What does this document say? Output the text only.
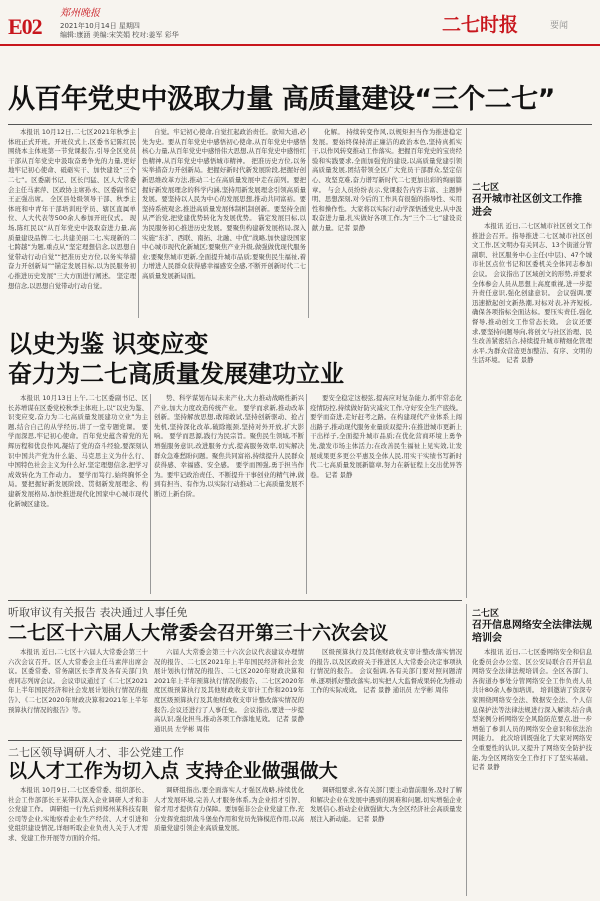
E02
郑州晚报
2021年10月14日 星期四
编辑:康涵 美编:宋笑娟 校对:姜军 彩华	二七时报	要闻
从百年党史中汲取力量 高质量建设“三个二七”

本报讯 10月12日,二七区2021年秋季主体班正式开班。开班仪式上,区委书记陈红民围绕本主体班第一节党课报告,引导全区党员干部从百年党史中汲取奋勇争先的力量,更好地牢记初心使命、砥砺实干、加快建设“三个二七”。区委副书记、区长闫猛、区人大常委会主任马素萍、区政协主席孙永、区委副书记王正强出席。 全区县处级领导干部、秋季主体班和中青年干部培训班学员、辖区直属单位、人大代表等500余人参加开班仪式。 现场,陈红民以“从百年党史中汲取奋进力量,高质量建设品牌二七,共建美丽二七,实现新的二七跨越”为题,重点从“坚定理想信念,以思想自觉带动行动自觉”“把准历史方位,以务实举措奋力开创新局”“锚定发展目标,以为民服务初心推进历史发展”三大方面进行阐述。 坚定理想信念,以思想自觉带动行动自觉。

自觉。牢记初心使命,自觉扛起政治责任。欲知大道,必先为史。要从百年党史中感悟初心使命,从百年党史中感悟核心力量,从百年党史中感悟伟大思想,从百年党史中感悟红色精神,从百年党史中感悟城市精神。 把准历史方位,以务实举措奋力开创新局。把握好新时代新发展阶段,把握好创新思维改革方法,推动二七在高质量发展中走在前列。要把握好新发展理念的科学内涵,坚持用新发展理念引领高质量发展。要坚持以人民为中心的发展思想,推动共同富裕。要坚持系统观念,推进高质量发展体制机制创新。要坚持全面从严治党,把党建优势转化为发展优势。 锚定发展目标,以为民服务初心推进历史发展。要聚焦构建新发展格局,深入实施“东扩、西联、南拓、北融、中优”战略,加快建设国家中心城市现代化新城区;要聚焦产业升级,做强做优现代服务业;要聚焦城市更新,全面提升城市品质;要聚焦民生福祉,着力增进人民群众获得感幸福感安全感,不断开创新时代二七高质量发展新局面。

化解。 持续转变作风,以规矩担当作为推进稳定发展。要始终保持清正廉洁的政治本色,坚持真抓实干,以作风转变推动工作落实。把握百年党史的宝贵经验和实践要求,全面加强党的建设,以高质量党建引领高质量发展,团结带领全区广大党员干部群众,坚定信心、攻坚克难,奋力谱写新时代二七更加出彩的绚丽篇章。 与会人员纷纷表示,党课报告内容丰富、主题鲜明、思想深刻,对今后的工作具有很强的指导性、实用性和操作性。大家将以实际行动学深悟透党史,从中汲取奋进力量,扎实做好各项工作,为“三个二七”建设贡献力量。记者 景静

二七区
召开城市社区创文工作推进会

本报讯 近日,二七区城市社区创文工作推进会召开。指导推进二七区城市社区创文工作,区文明办有关同志、13个街道分管副职、社区服务中心主任(中层)、47个城市社区点位书记和区委机关全体同志参加会议。 会议指出了区域创文的形势,并要求全体参会人员从思想上高度重视,进一步提升责任意识,强化创建意识。 会议强调,要迅速掀起创文新热潮,对标对表,补齐短板,确保各项指标全面达标。要压实责任,强化督导,推动创文工作常态长效。 会议还要求,要坚持问题导向,将创文与社区治理、民生改善紧密结合,持续提升城市精细化管理水平,为群众营造更加整洁、有序、文明的生活环境。 记者 景静

以史为鉴 识变应变
奋力为二七高质量发展建功立业

本报讯 10月13日上午,二七区委副书记、区长苏增谋在区委党校秋季主体班上,以“以史为鉴、识变应变,奋力为二七高质量发展建功立业”为主题,结合自己的从学经历,讲了一堂专题党课。 要学而深思,牢记初心使命。百年党史蕴含着党的光辉历程和优良作风,凝结了党的奋斗经验,要深刻认识中国共产党为什么能、马克思主义为什么行、中国特色社会主义为什么好,坚定理想信念,把学习成效转化为工作动力。 要学而笃行,始终胸怀全局。要把握好新发展阶段、贯彻新发展理念、构建新发展格局,加快推进现代化国家中心城市现代化新城区建设。

势、科学谋划布局未来产业,大力推动战略性新兴产业,加大力度改造传统产业。 要学而求新,推动改革创新。坚持解放思想,敢闯敢试,坚持创新驱动、抢占先机,坚持深化改革,破除瓶颈,坚持对外开放,扩大影响。 要学而思源,践行为民宗旨。聚焦民生领域,不断增强服务意识,改进服务方式,提高服务效率,切实解决群众急难愁盼问题。聚焦共同富裕,持续提升人民群众获得感、幸福感、安全感。 要学而图强,勇于担当作为。要牢记政治责任、不断提升干事创业的精气神,做到有担当、有作为,以实际行动推动二七高质量发展不断迈上新台阶。

要安全稳定这根弦,提高应对复杂能力,抓牢常态化疫情防控,持续做好防灾减灾工作,守好安全生产底线。 要学而奋进,走好赶考之路。在构建现代产业体系上闯出路子,推动现代服务业量质双提升;在推进城市更新上干出样子,全面提升城市品质;在优化营商环境上勇争先,激发市场主体活力;在改善民生福祉上见实效,让发展成果更多更公平惠及全体人民,用实干实绩书写新时代二七高质量发展新篇章,努力在新征程上交出优异答卷。 记者 景静

听取审议有关报告 表决通过人事任免
二七区十六届人大常委会召开第三十六次会议

本报讯 近日,二七区十六届人大常委会第三十六次会议召开。区人大常委会主任马素萍出席会议。区委常委、常务副区长李青及各有关部门负责同志列席会议。 会议审议通过了《二七区2021年上半年国民经济和社会发展计划执行情况的报告》、《二七区2020年财政决算和2021年上半年预算执行情况的报告》等。

六届人大常委会第三十六次会议代表建议办理情况的报告、二七区2021年上半年国民经济和社会发展计划执行情况的报告、二七区2020年财政决算和2021年上半年预算执行情况的报告、二七区2020年度区级预算执行及其他财政收支审计工作和2019年度区级预算执行及其他财政收支审计整改落实情况的报告,会议还进行了人事任免。 会议指出,要进一步提高认识,强化担当,推动各项工作落地见效。 记者 景静 通讯员 左学彬 周伟

区级预算执行及其他财政收支审计整改落实情况的报告,以及区政府关于推进区人大常委会决定事项执行情况的报告。 会议强调,各有关部门要对照问题清单,逐项抓好整改落实,切实把人大监督成果转化为推动工作的实际成效。 记者 景静 通讯员 左学彬 周伟

二七区领导调研人才、非公党建工作
以人才工作为切入点 支持企业做强做大

本报讯 10月9日,二七区委常委、组织部长、社会工作部部长王某带队深入企业调研人才和非公党建工作。 调研组一行先后到郑州某科技有限公司等企业,实地察看企业生产经营、人才引进和党组织建设情况,详细听取企业负责人关于人才需求、党建工作开展等方面的介绍。

调研组指出,要全面落实人才强区战略,持续优化人才发展环境,完善人才服务体系,为企业招才引智、留才用才提供有力保障。要加强非公企业党建工作,充分发挥党组织战斗堡垒作用和党员先锋模范作用,以高质量党建引领企业高质量发展。

调研组要求,各有关部门要主动靠前服务,及时了解和解决企业在发展中遇到的困难和问题,切实增强企业发展信心,推动企业做强做大,为全区经济社会高质量发展注入新动能。 记者 景静

二七区
召开信息网络安全法律法规培训会

本报讯 近日,二七区委网络安全和信息化委员会办公室、区公安局联合召开信息网络安全法律法规培训会。全区各部门、各街道办事处分管网络安全工作负责人员共计80余人参加培训。 培训邀请了资深专家围绕网络安全法、数据安全法、个人信息保护法等法律法规进行深入解读,结合典型案例分析网络安全风险防范要点,进一步增强了参训人员的网络安全意识和依法治网能力。 此次培训既强化了大家对网络安全重要性的认识,又提升了网络安全防护技能,为全区网络安全工作打下了坚实基础。 记者 景静
